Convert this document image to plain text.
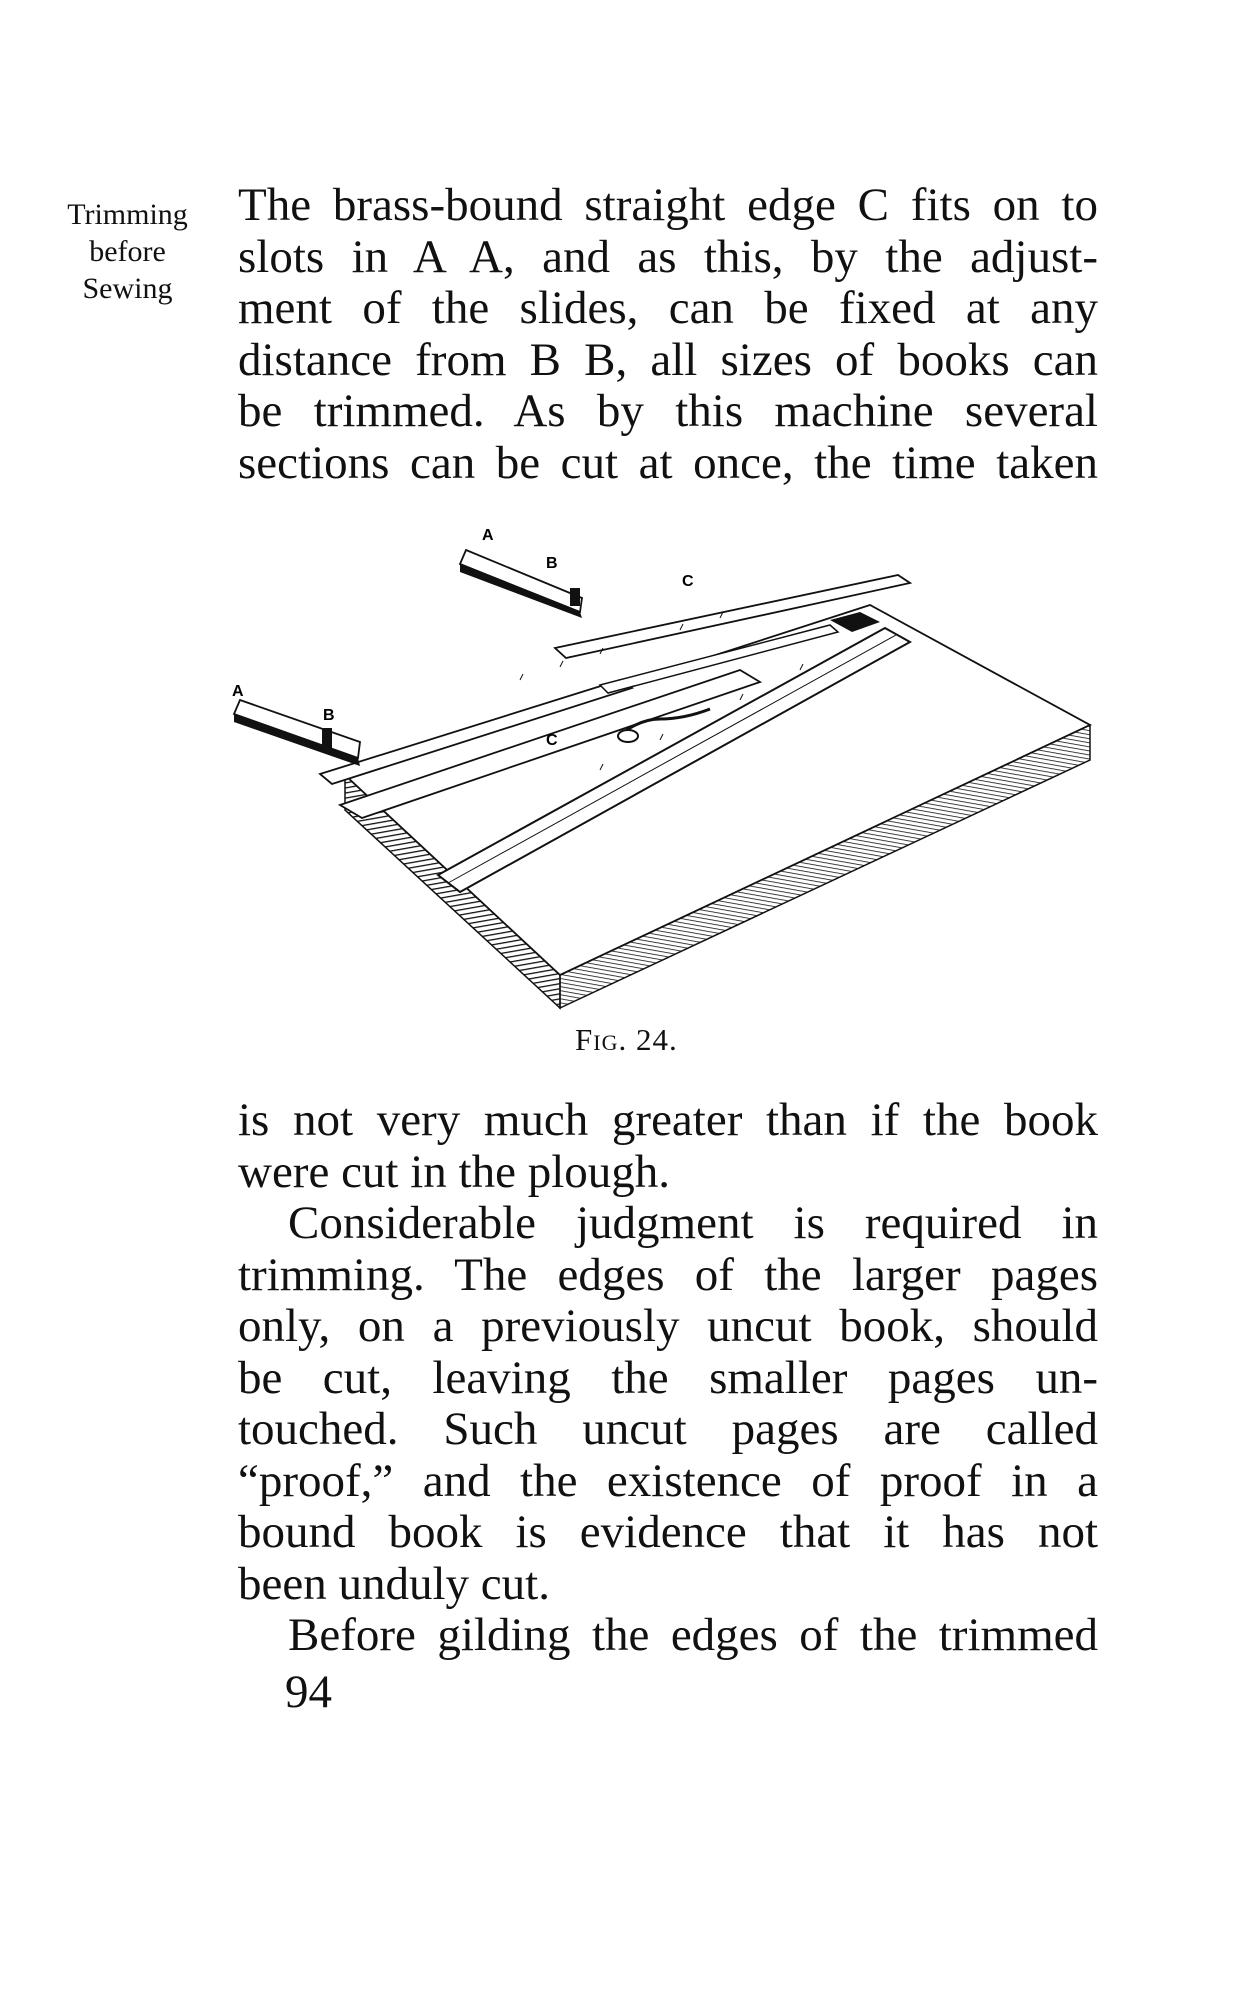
Trimming
before
Sewing
The brass-bound straight edge C fits on to
slots in A A, and as this, by the adjust-
ment of the slides, can be fixed at any
distance from B B, all sizes of books can
be trimmed. As by this machine several
sections can be cut at once, the time taken
A
B
C
A
B
C
Fig. 24.
is not very much greater than if the book
were cut in the plough.
Considerable judgment is required in
trimming. The edges of the larger pages
only, on a previously uncut book, should
be cut, leaving the smaller pages un-
touched. Such uncut pages are called
“proof,” and the existence of proof in a
bound book is evidence that it has not
been unduly cut.
Before gilding the edges of the trimmed
94
